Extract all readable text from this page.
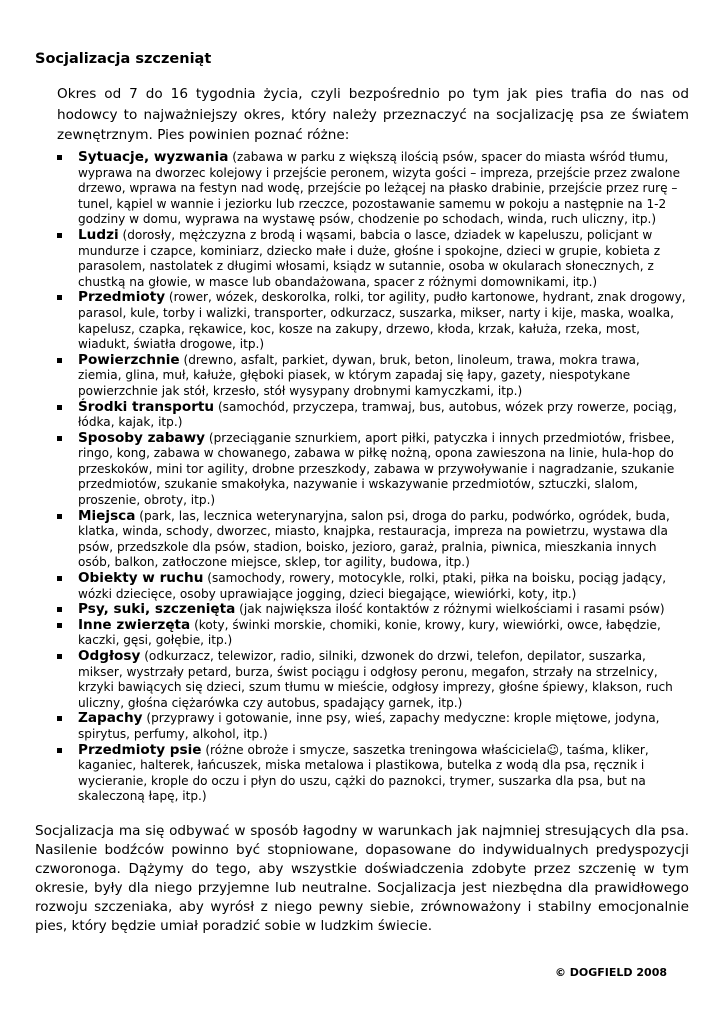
Socjalizacja szczeniąt

Okres od 7 do 16 tygodnia życia, czyli bezpośrednio po tym jak pies trafia do nas od hodowcy to najważniejszy okres, który należy przeznaczyć na socjalizację psa ze światem zewnętrznym. Pies powinien poznać różne:

Sytuacje, wyzwania (zabawa w parku z większą ilością psów, spacer do miasta wśród tłumu, wyprawa na dworzec kolejowy i przejście peronem, wizyta gości – impreza, przejście przez zwalone drzewo, wprawa na festyn nad wodę, przejście po leżącej na płasko drabinie, przejście przez rurę – tunel, kąpiel w wannie i jeziorku lub rzeczce, pozostawanie samemu w pokoju a następnie na 1-2 godziny w domu, wyprawa na wystawę psów, chodzenie po schodach, winda, ruch uliczny, itp.)
Ludzi (dorosły, mężczyzna z brodą i wąsami, babcia o lasce, dziadek w kapeluszu, policjant w mundurze i czapce, kominiarz, dziecko małe i duże, głośne i spokojne, dzieci w grupie, kobieta z parasolem, nastolatek z długimi włosami, ksiądz w sutannie, osoba w okularach słonecznych, z chustką na głowie, w masce lub obandażowana, spacer z różnymi domownikami, itp.)
Przedmioty (rower, wózek, deskorolka, rolki, tor agility, pudło kartonowe, hydrant, znak drogowy, parasol, kule, torby i walizki, transporter, odkurzacz, suszarka, mikser, narty i kije, maska, woalka, kapelusz, czapka, rękawice, koc, kosze na zakupy, drzewo, kłoda, krzak, kałuża, rzeka, most, wiadukt, światła drogowe, itp.)
Powierzchnie (drewno, asfalt, parkiet, dywan, bruk, beton, linoleum, trawa, mokra trawa, ziemia, glina, muł, kałuże, głęboki piasek, w którym zapadaj się łapy, gazety, niespotykane powierzchnie jak stół, krzesło, stół wysypany drobnymi kamyczkami, itp.)
Środki transportu (samochód, przyczepa, tramwaj, bus, autobus, wózek przy rowerze, pociąg, łódka, kajak, itp.)
Sposoby zabawy (przeciąganie sznurkiem, aport piłki, patyczka i innych przedmiotów, frisbee, ringo, kong, zabawa w chowanego, zabawa w piłkę nożną, opona zawieszona na linie, hula-hop do przeskoków, mini tor agility, drobne przeszkody, zabawa w przywoływanie i nagradzanie, szukanie przedmiotów, szukanie smakołyka, nazywanie i wskazywanie przedmiotów, sztuczki, slalom, proszenie, obroty, itp.)
Miejsca (park, las, lecznica weterynaryjna, salon psi, droga do parku, podwórko, ogródek, buda, klatka, winda, schody, dworzec, miasto, knajpka, restauracja, impreza na powietrzu, wystawa dla psów, przedszkole dla psów, stadion, boisko, jezioro, garaż, pralnia, piwnica, mieszkania innych osób, balkon, zatłoczone miejsce, sklep, tor agility, budowa, itp.)
Obiekty w ruchu (samochody, rowery, motocykle, rolki, ptaki, piłka na boisku, pociąg jadący, wózki dziecięce, osoby uprawiające jogging, dzieci biegające, wiewiórki, koty, itp.)
Psy, suki, szczenięta (jak największa ilość kontaktów z różnymi wielkościami i rasami psów)
Inne zwierzęta (koty, świnki morskie, chomiki, konie, krowy, kury, wiewiórki, owce, łabędzie, kaczki, gęsi, gołębie, itp.)
Odgłosy (odkurzacz, telewizor, radio, silniki, dzwonek do drzwi, telefon, depilator, suszarka, mikser, wystrzały petard, burza, świst pociągu i odgłosy peronu, megafon, strzały na strzelnicy, krzyki bawiących się dzieci, szum tłumu w mieście, odgłosy imprezy, głośne śpiewy, klakson, ruch uliczny, głośna ciężarówka czy autobus, spadający garnek, itp.)
Zapachy (przyprawy i gotowanie, inne psy, wieś, zapachy medyczne: krople miętowe, jodyna, spirytus, perfumy, alkohol, itp.)
Przedmioty psie (różne obroże i smycze, saszetka treningowa właściciela☺, taśma, kliker, kaganiec, halterek, łańcuszek, miska metalowa i plastikowa, butelka z wodą dla psa, ręcznik i wycieranie, krople do oczu i płyn do uszu, cążki do paznokci, trymer, suszarka dla psa, but na skaleczoną łapę, itp.)

Socjalizacja ma się odbywać w sposób łagodny w warunkach jak najmniej stresujących dla psa. Nasilenie bodźców powinno być stopniowane, dopasowane do indywidualnych predyspozycji czworonoga. Dążymy do tego, aby wszystkie doświadczenia zdobyte przez szczenię w tym okresie, były dla niego przyjemne lub neutralne. Socjalizacja jest niezbędna dla prawidłowego rozwoju szczeniaka, aby wyrósł z niego pewny siebie, zrównoważony i stabilny emocjonalnie pies, który będzie umiał poradzić sobie w ludzkim świecie.

© DOGFIELD 2008
